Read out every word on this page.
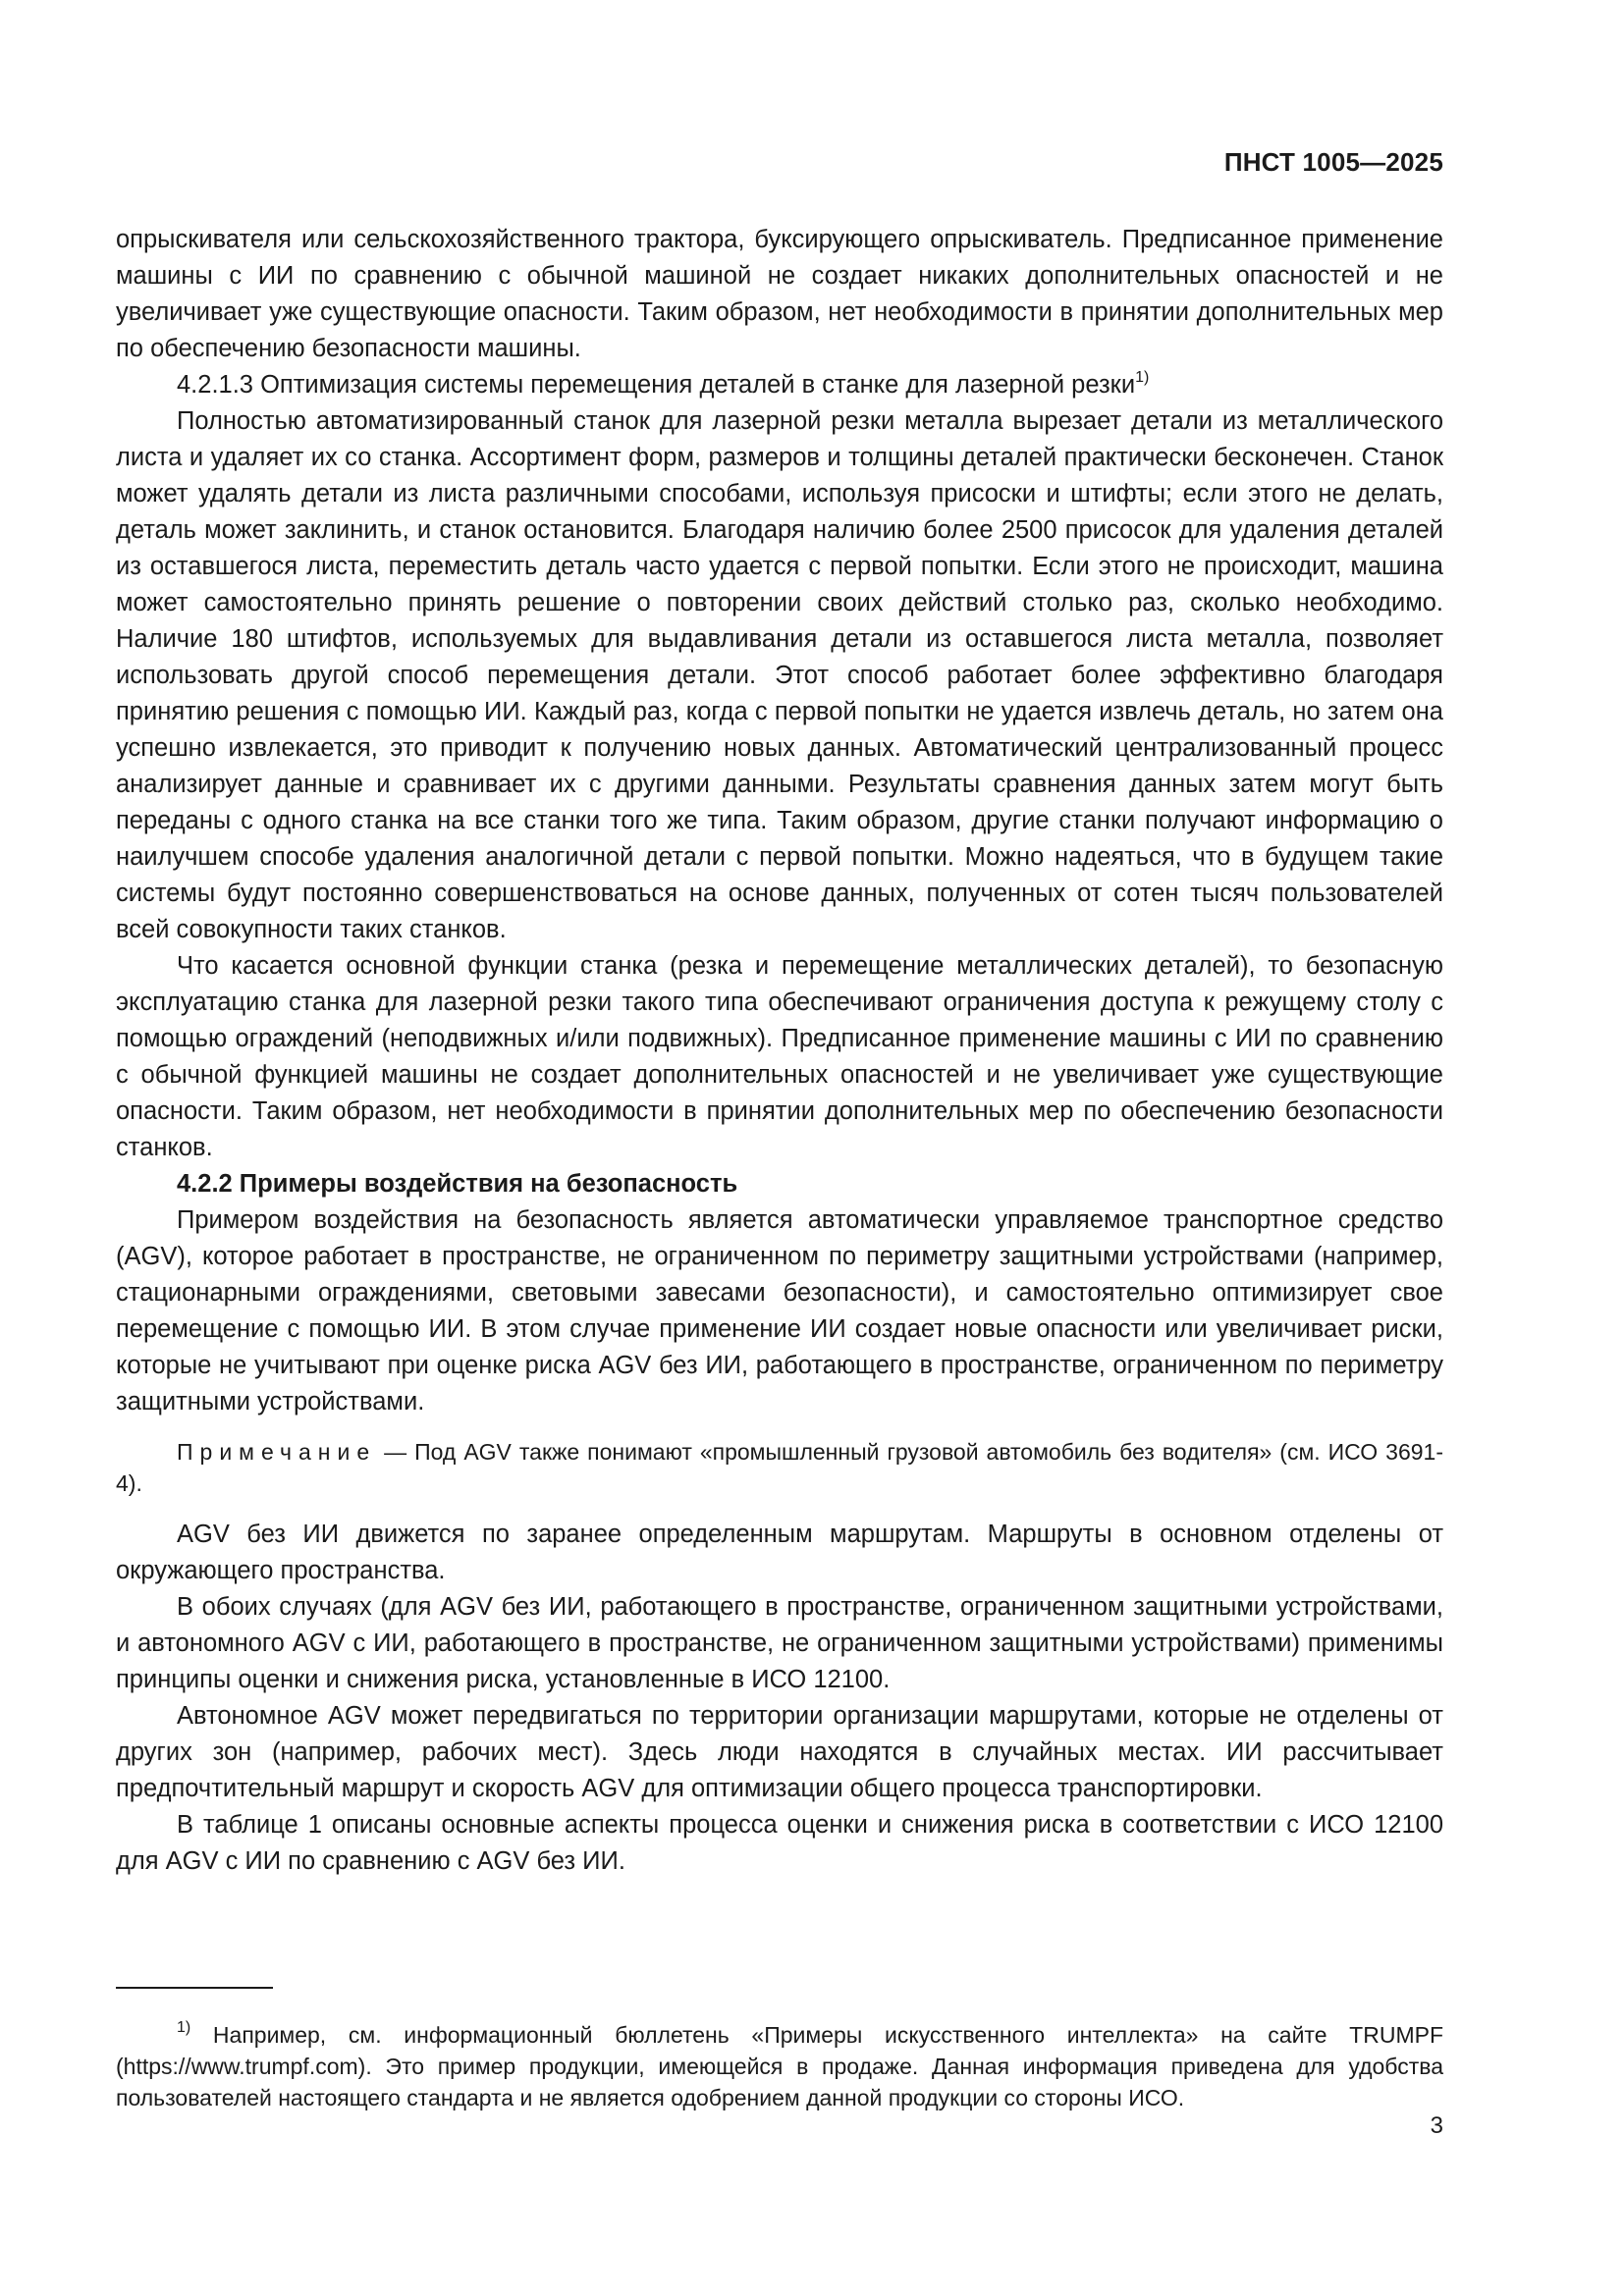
ПНСТ 1005—2025

опрыскивателя или сельскохозяйственного трактора, буксирующего опрыскиватель. Предписанное применение машины с ИИ по сравнению с обычной машиной не создает никаких дополнительных опасностей и не увеличивает уже существующие опасности. Таким образом, нет необходимости в принятии дополнительных мер по обеспечению безопасности машины.

4.2.1.3 Оптимизация системы перемещения деталей в станке для лазерной резки$^{1)}$

Полностью автоматизированный станок для лазерной резки металла вырезает детали из металлического листа и удаляет их со станка. Ассортимент форм, размеров и толщины деталей практически бесконечен. Станок может удалять детали из листа различными способами, используя присоски и штифты; если этого не делать, деталь может заклинить, и станок остановится. Благодаря наличию более 2500 присосок для удаления деталей из оставшегося листа, переместить деталь часто удается с первой попытки. Если этого не происходит, машина может самостоятельно принять решение о повторении своих действий столько раз, сколько необходимо. Наличие 180 штифтов, используемых для выдавливания детали из оставшегося листа металла, позволяет использовать другой способ перемещения детали. Этот способ работает более эффективно благодаря принятию решения с помощью ИИ. Каждый раз, когда с первой попытки не удается извлечь деталь, но затем она успешно извлекается, это приводит к получению новых данных. Автоматический централизованный процесс анализирует данные и сравнивает их с другими данными. Результаты сравнения данных затем могут быть переданы с одного станка на все станки того же типа. Таким образом, другие станки получают информацию о наилучшем способе удаления аналогичной детали с первой попытки. Можно надеяться, что в будущем такие системы будут постоянно совершенствоваться на основе данных, полученных от сотен тысяч пользователей всей совокупности таких станков.

Что касается основной функции станка (резка и перемещение металлических деталей), то безопасную эксплуатацию станка для лазерной резки такого типа обеспечивают ограничения доступа к режущему столу с помощью ограждений (неподвижных и/или подвижных). Предписанное применение машины с ИИ по сравнению с обычной функцией машины не создает дополнительных опасностей и не увеличивает уже существующие опасности. Таким образом, нет необходимости в принятии дополнительных мер по обеспечению безопасности станков.

4.2.2 Примеры воздействия на безопасность

Примером воздействия на безопасность является автоматически управляемое транспортное средство (AGV), которое работает в пространстве, не ограниченном по периметру защитными устройствами (например, стационарными ограждениями, световыми завесами безопасности), и самостоятельно оптимизирует свое перемещение с помощью ИИ. В этом случае применение ИИ создает новые опасности или увеличивает риски, которые не учитывают при оценке риска AGV без ИИ, работающего в пространстве, ограниченном по периметру защитными устройствами.

Примечание — Под AGV также понимают «промышленный грузовой автомобиль без водителя» (см. ИСО 3691-4).

AGV без ИИ движется по заранее определенным маршрутам. Маршруты в основном отделены от окружающего пространства.

В обоих случаях (для AGV без ИИ, работающего в пространстве, ограниченном защитными устройствами, и автономного AGV с ИИ, работающего в пространстве, не ограниченном защитными устройствами) применимы принципы оценки и снижения риска, установленные в ИСО 12100.

Автономное AGV может передвигаться по территории организации маршрутами, которые не отделены от других зон (например, рабочих мест). Здесь люди находятся в случайных местах. ИИ рассчитывает предпочтительный маршрут и скорость AGV для оптимизации общего процесса транспортировки.

В таблице 1 описаны основные аспекты процесса оценки и снижения риска в соответствии с ИСО 12100 для AGV с ИИ по сравнению с AGV без ИИ.

$^{1)}$ Например, см. информационный бюллетень «Примеры искусственного интеллекта» на сайте TRUMPF (https://www.trumpf.com). Это пример продукции, имеющейся в продаже. Данная информация приведена для удобства пользователей настоящего стандарта и не является одобрением данной продукции со стороны ИСО.

3
